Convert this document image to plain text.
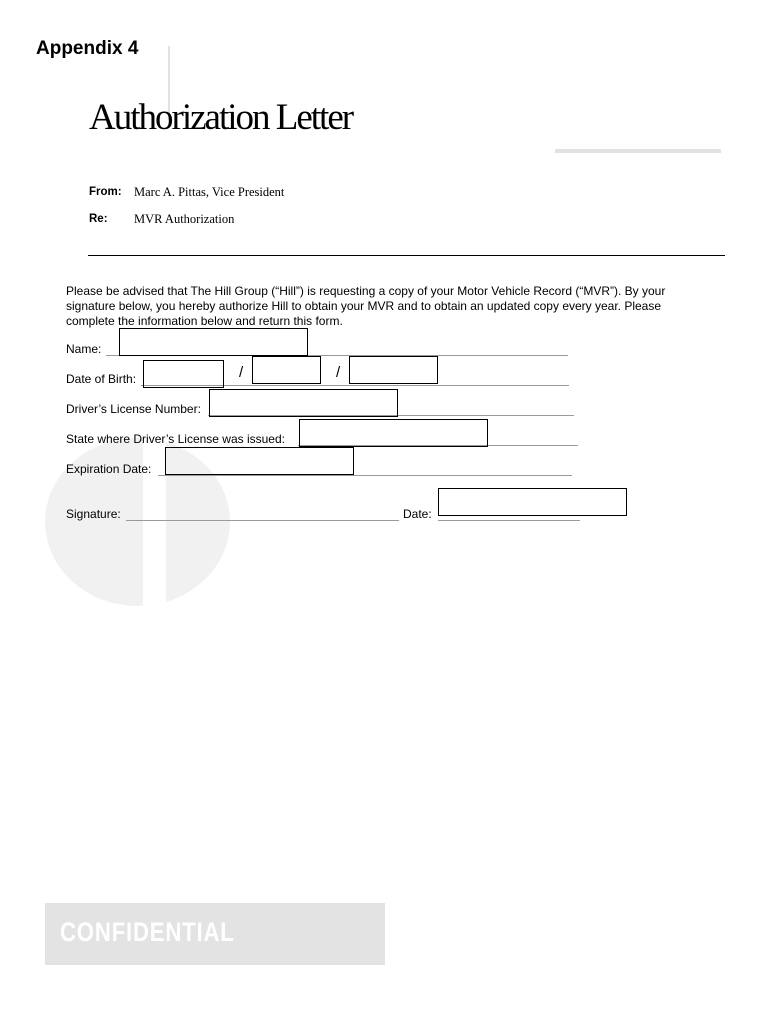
Appendix 4
Authorization Letter
From: Marc A. Pittas, Vice President
Re: MVR Authorization
Please be advised that The Hill Group (“Hill”) is requesting a copy of your Motor Vehicle Record (“MVR”). By your signature below, you hereby authorize Hill to obtain your MVR and to obtain an updated copy every year. Please complete the information below and return this form.
Name:
Date of Birth:	/	/
Driver’s License Number:
State where Driver’s License was issued:
Expiration Date:
Signature:	Date:
CONFIDENTIAL
